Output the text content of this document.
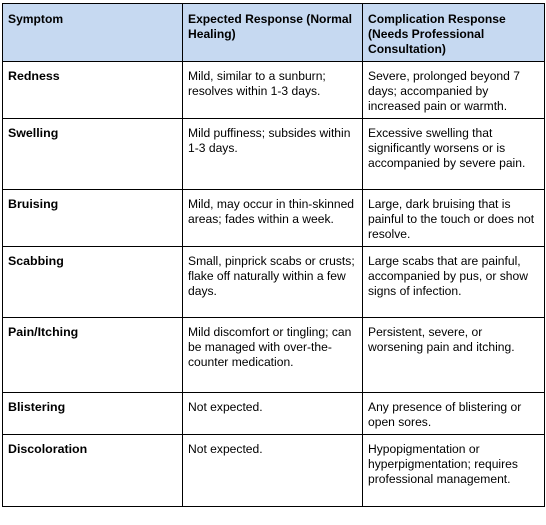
Symptom	Expected Response (Normal Healing)	Complication Response (Needs Professional Consultation)
Redness	Mild, similar to a sunburn; resolves within 1-3 days.	Severe, prolonged beyond 7 days; accompanied by increased pain or warmth.
Swelling	Mild puffiness; subsides within 1-3 days.	Excessive swelling that significantly worsens or is accompanied by severe pain.
Bruising	Mild, may occur in thin-skinned areas; fades within a week.	Large, dark bruising that is painful to the touch or does not resolve.
Scabbing	Small, pinprick scabs or crusts; flake off naturally within a few days.	Large scabs that are painful, accompanied by pus, or show signs of infection.
Pain/Itching	Mild discomfort or tingling; can be managed with over-the-counter medication.	Persistent, severe, or worsening pain and itching.
Blistering	Not expected.	Any presence of blistering or open sores.
Discoloration	Not expected.	Hypopigmentation or hyperpigmentation; requires professional management.
